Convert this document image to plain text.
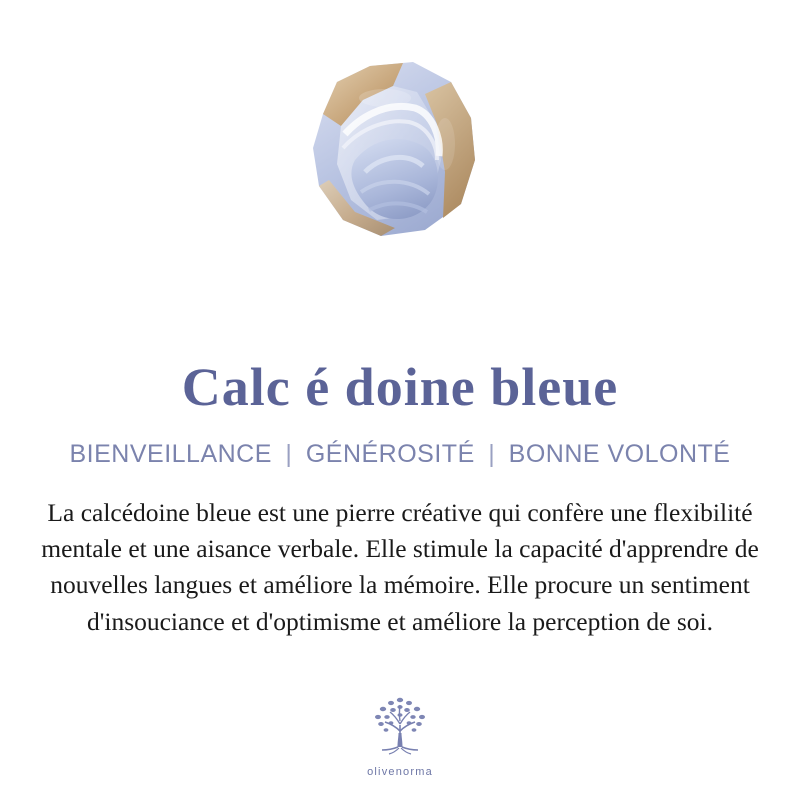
Calc é doine bleue
BIENVEILLANCE | GÉNÉROSITÉ | BONNE VOLONTÉ
La calcédoine bleue est une pierre créative qui confère une flexibilité mentale et une aisance verbale. Elle stimule la capacité d'apprendre de nouvelles langues et améliore la mémoire. Elle procure un sentiment d'insouciance et d'optimisme et améliore la perception de soi.
olivenorma
